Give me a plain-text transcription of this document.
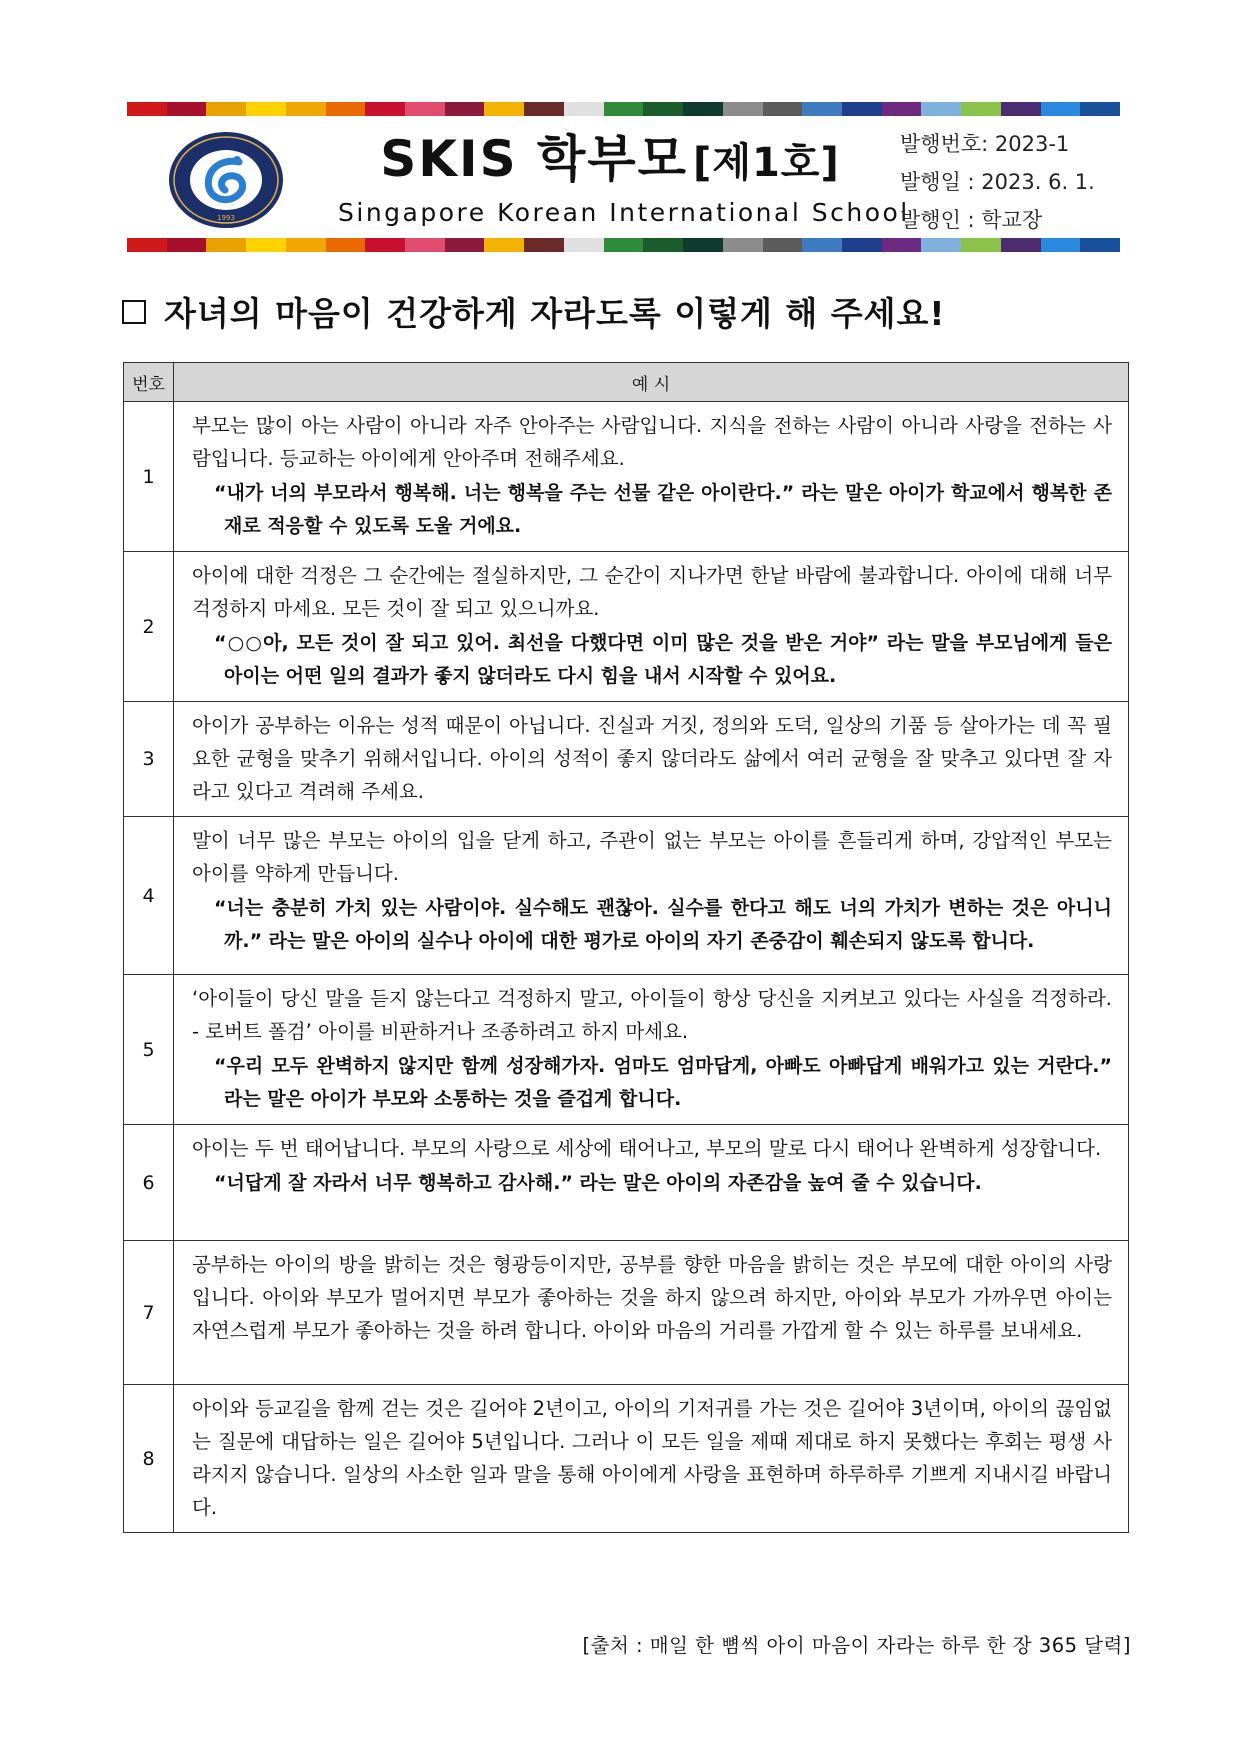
1993
SKIS 학부모 [제1호]
Singapore Korean International School
발행번호: 2023-1
발행일 : 2023. 6. 1.
발행인 : 학교장
자녀의 마음이 건강하게 자라도록 이렇게 해 주세요!
번호	예 시
1	부모는 많이 아는 사람이 아니라 자주 안아주는 사람입니다. 지식을 전하는 사람이 아니라 사랑을 전하는 사람입니다. 등교하는 아이에게 안아주며 전해주세요.

“내가 너의 부모라서 행복해. 너는 행복을 주는 선물 같은 아이란다.” 라는 말은 아이가 학교에서 행복한 존재로 적응할 수 있도록 도울 거에요.

2	아이에 대한 걱정은 그 순간에는 절실하지만, 그 순간이 지나가면 한낱 바람에 불과합니다. 아이에 대해 너무 걱정하지 마세요. 모든 것이 잘 되고 있으니까요.

“○○아, 모든 것이 잘 되고 있어. 최선을 다했다면 이미 많은 것을 받은 거야” 라는 말을 부모님에게 들은 아이는 어떤 일의 결과가 좋지 않더라도 다시 힘을 내서 시작할 수 있어요.

3	아이가 공부하는 이유는 성적 때문이 아닙니다. 진실과 거짓, 정의와 도덕, 일상의 기품 등 살아가는 데 꼭 필요한 균형을 맞추기 위해서입니다. 아이의 성적이 좋지 않더라도 삶에서 여러 균형을 잘 맞추고 있다면 잘 자라고 있다고 격려해 주세요.

4	말이 너무 많은 부모는 아이의 입을 닫게 하고, 주관이 없는 부모는 아이를 흔들리게 하며, 강압적인 부모는 아이를 약하게 만듭니다.

“너는 충분히 가치 있는 사람이야. 실수해도 괜찮아. 실수를 한다고 해도 너의 가치가 변하는 것은 아니니까.” 라는 말은 아이의 실수나 아이에 대한 평가로 아이의 자기 존중감이 훼손되지 않도록 합니다.

5	‘아이들이 당신 말을 듣지 않는다고 걱정하지 말고, 아이들이 항상 당신을 지켜보고 있다는 사실을 걱정하라. - 로버트 폴검’ 아이를 비판하거나 조종하려고 하지 마세요.

“우리 모두 완벽하지 않지만 함께 성장해가자. 엄마도 엄마답게, 아빠도 아빠답게 배워가고 있는 거란다.” 라는 말은 아이가 부모와 소통하는 것을 즐겁게 합니다.

6	아이는 두 번 태어납니다. 부모의 사랑으로 세상에 태어나고, 부모의 말로 다시 태어나 완벽하게 성장합니다.

“너답게 잘 자라서 너무 행복하고 감사해.” 라는 말은 아이의 자존감을 높여 줄 수 있습니다.

7	공부하는 아이의 방을 밝히는 것은 형광등이지만, 공부를 향한 마음을 밝히는 것은 부모에 대한 아이의 사랑입니다. 아이와 부모가 멀어지면 부모가 좋아하는 것을 하지 않으려 하지만, 아이와 부모가 가까우면 아이는 자연스럽게 부모가 좋아하는 것을 하려 합니다. 아이와 마음의 거리를 가깝게 할 수 있는 하루를 보내세요.

8	아이와 등교길을 함께 걷는 것은 길어야 2년이고, 아이의 기저귀를 가는 것은 길어야 3년이며, 아이의 끊임없는 질문에 대답하는 일은 길어야 5년입니다. 그러나 이 모든 일을 제때 제대로 하지 못했다는 후회는 평생 사라지지 않습니다. 일상의 사소한 일과 말을 통해 아이에게 사랑을 표현하며 하루하루 기쁘게 지내시길 바랍니다.

[출처 : 매일 한 뼘씩 아이 마음이 자라는 하루 한 장 365 달력]
